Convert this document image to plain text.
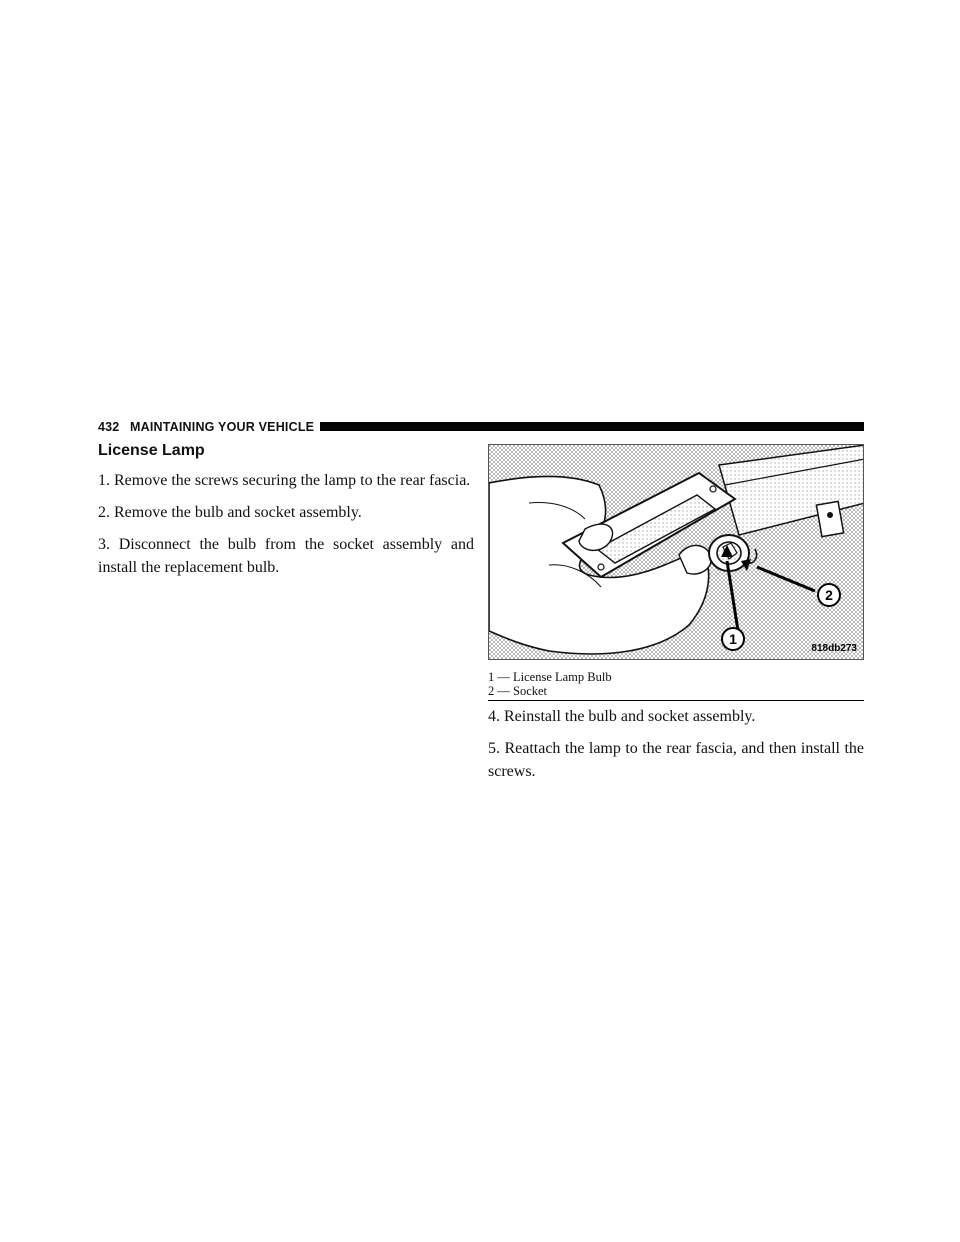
432 MAINTAINING YOUR VEHICLE
License Lamp

1. Remove the screws securing the lamp to the rear fascia.

2. Remove the bulb and socket assembly.

3. Disconnect the bulb from the socket assembly and install the replacement bulb.

1
2
818db273
1 — License Lamp Bulb
2 — Socket

4. Reinstall the bulb and socket assembly.

5. Reattach the lamp to the rear fascia, and then install the screws.
